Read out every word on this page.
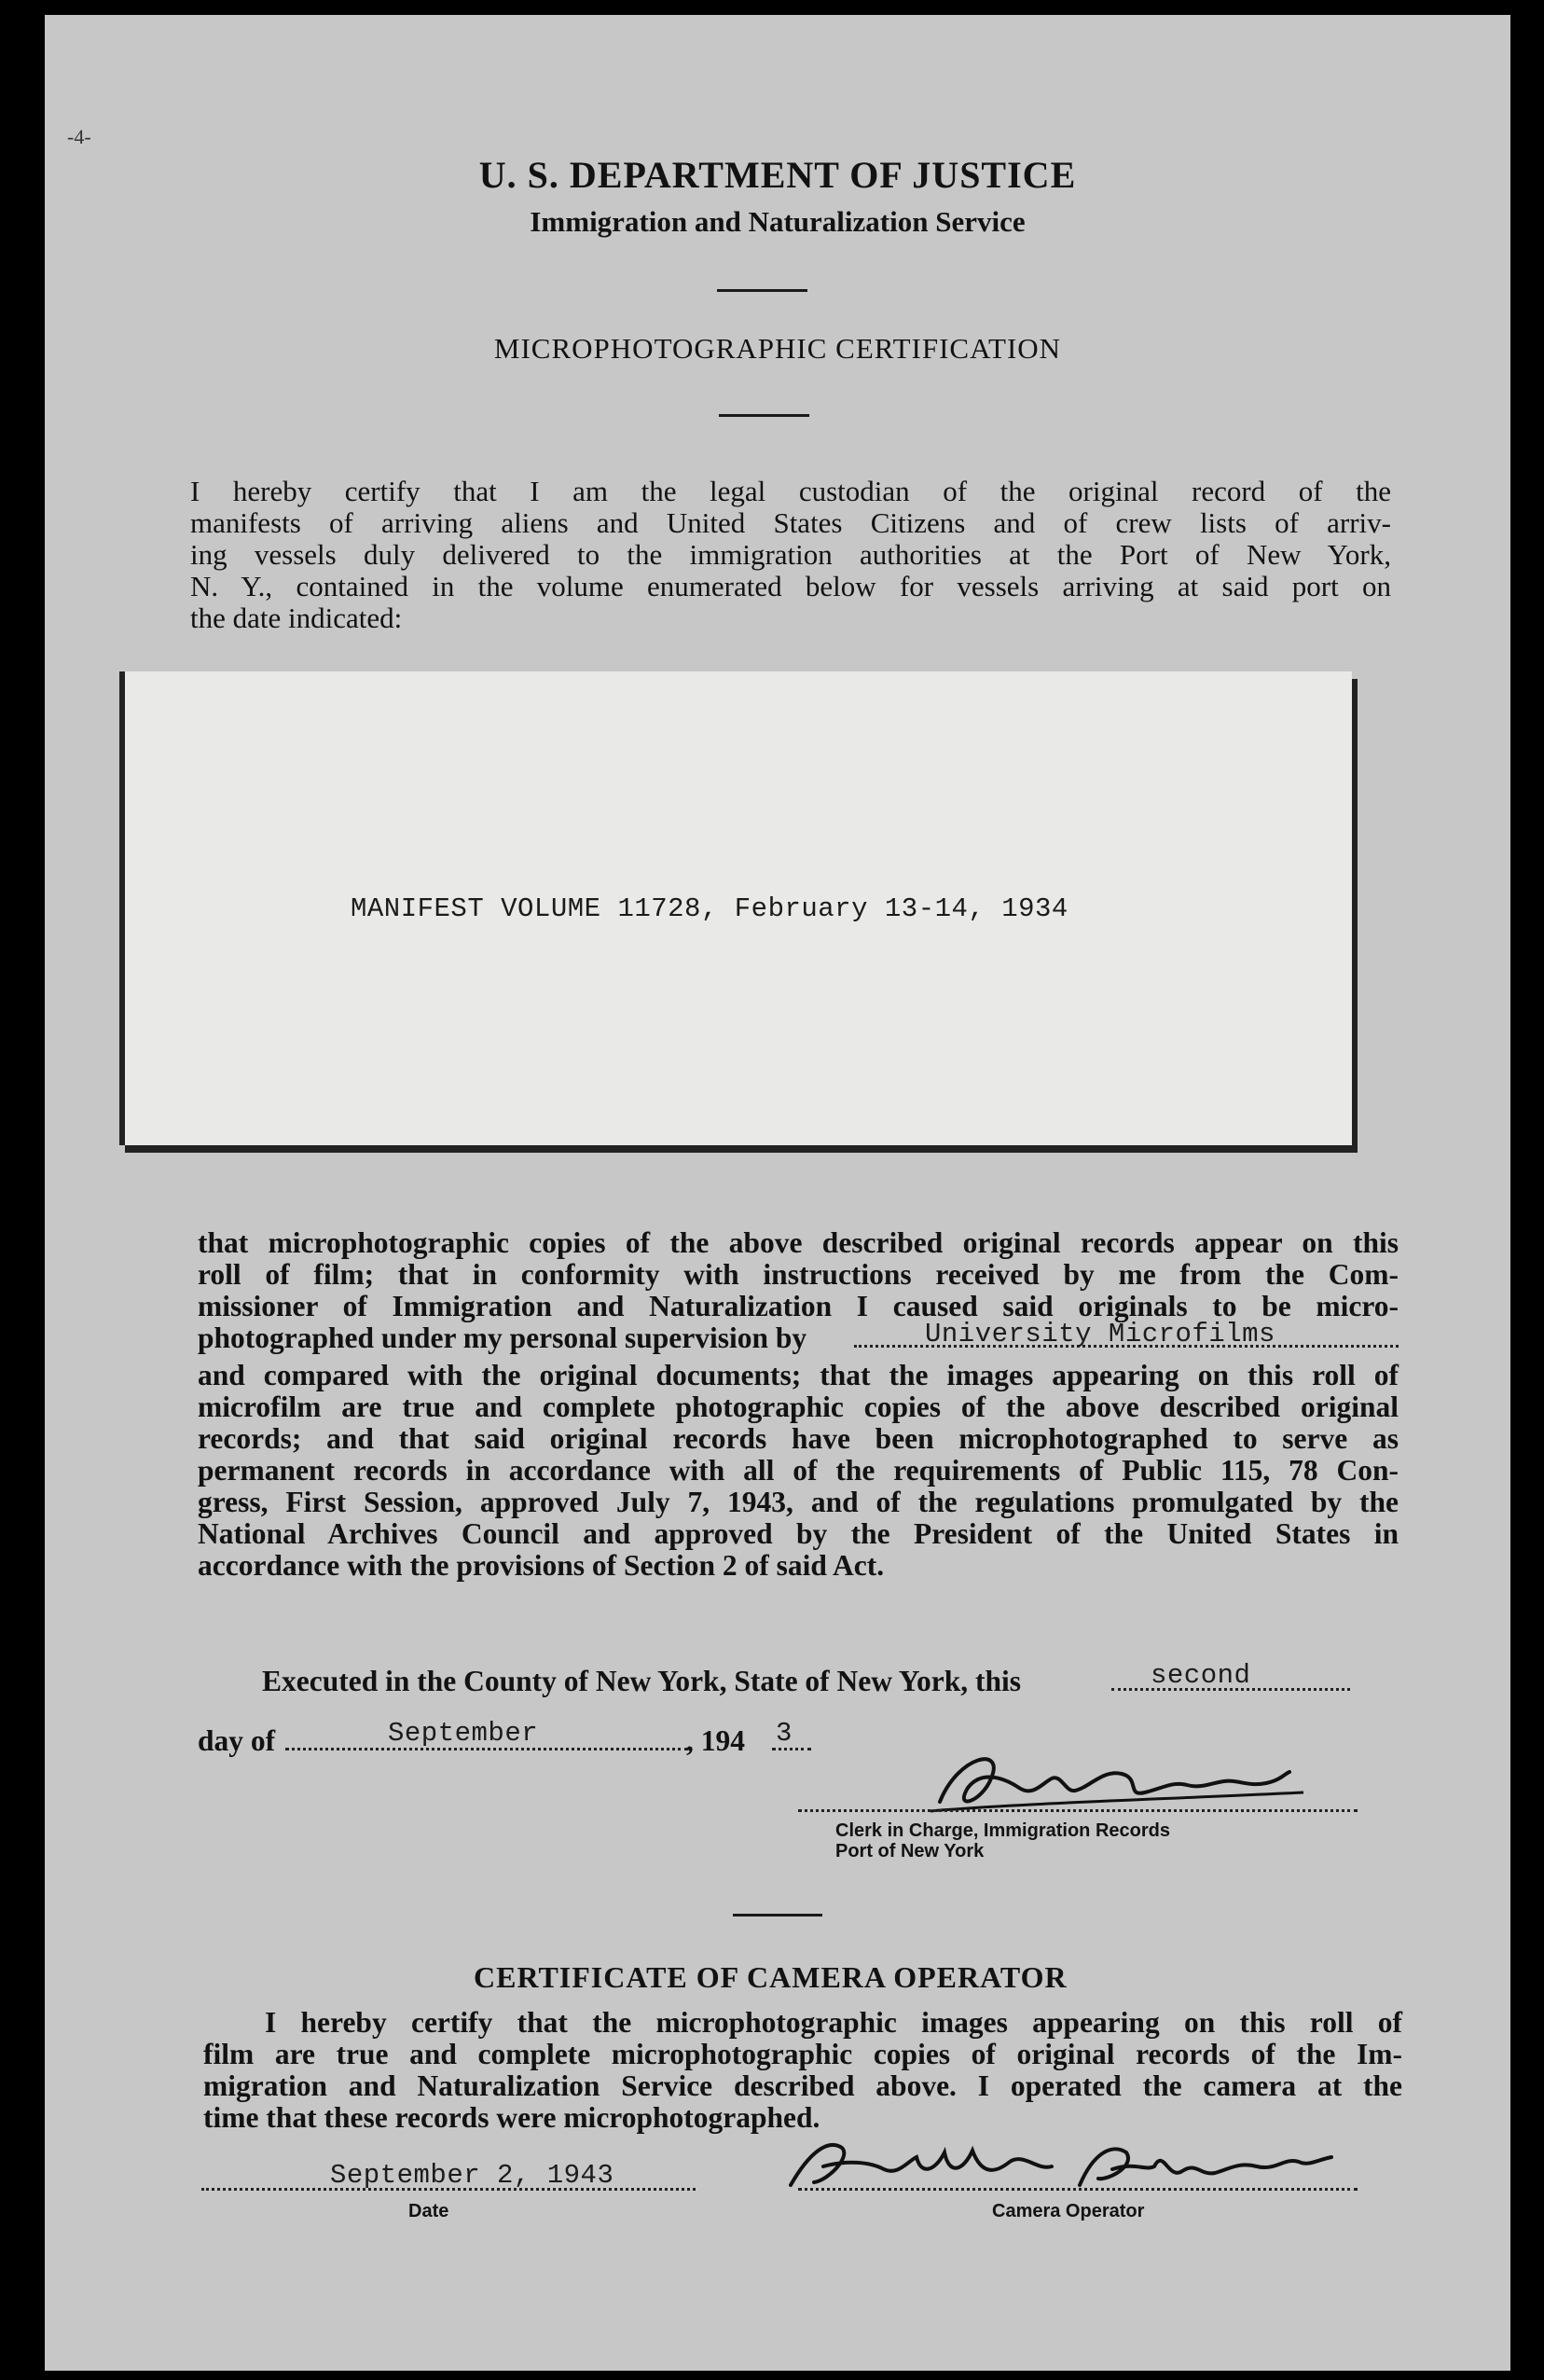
-4-
U. S. DEPARTMENT OF JUSTICE
Immigration and Naturalization Service
MICROPHOTOGRAPHIC CERTIFICATION
I hereby certify that I am the legal custodian of the original record of the
manifests of arriving aliens and United States Citizens and of crew lists of arriv-
ing vessels duly delivered to the immigration authorities at the Port of New York,
N. Y., contained in the volume enumerated below for vessels arriving at said port on
the date indicated:
MANIFEST VOLUME 11728, February 13-14, 1934
that microphotographic copies of the above described original records appear on this
roll of film; that in conformity with instructions received by me from the Com-
missioner of Immigration and Naturalization I caused said originals to be micro-
photographed under my personal supervision by	University Microfilms
and compared with the original documents; that the images appearing on this roll of
microfilm are true and complete photographic copies of the above described original
records; and that said original records have been microphotographed to serve as
permanent records in accordance with all of the requirements of Public 115, 78 Con-
gress, First Session, approved July 7, 1943, and of the regulations promulgated by the
National Archives Council and approved by the President of the United States in
accordance with the provisions of Section 2 of said Act.
Executed in the County of New York, State of New York, this	second
day of	September	, 194 3
Clerk in Charge, Immigration Records
Port of New York
CERTIFICATE OF CAMERA OPERATOR
I hereby certify that the microphotographic images appearing on this roll of
film are true and complete microphotographic copies of original records of the Im-
migration and Naturalization Service described above. I operated the camera at the
time that these records were microphotographed.
September 2, 1943
Date	Camera Operator
